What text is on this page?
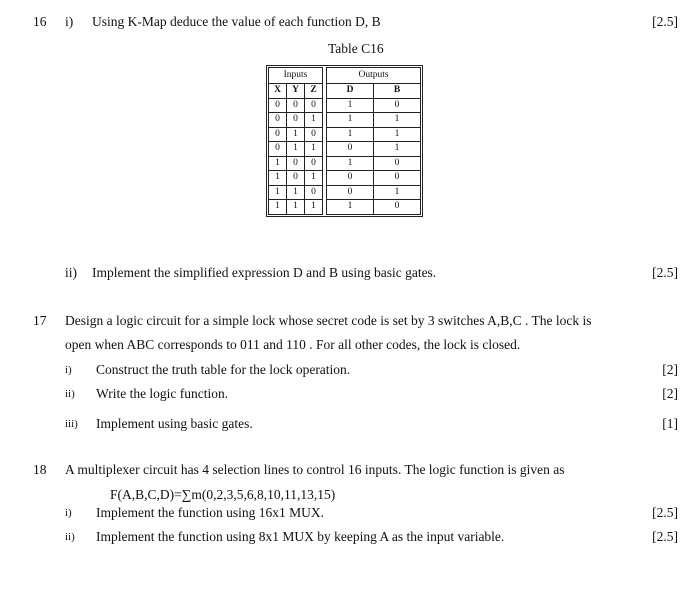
16 i) Using K-Map deduce the value of each function D, B	[2.5]
Table C16
Inputs				Outputs	
X	Y	Z		D	B
0	0	0		1	0
0	0	1		1	1
0	1	0		1	1
0	1	1		0	1
1	0	0		1	0
1	0	1		0	0
1	1	0		0	1
1	1	1		1	0
ii) Implement the simplified expression D and B using basic gates.	[2.5]
17 Design a logic circuit for a simple lock whose secret code is set by 3 switches A,B,C . The lock is
open when ABC corresponds to 011 and 110 . For all other codes, the lock is closed.
i) Construct the truth table for the lock operation.	[2]
ii) Write the logic function.	[2]
iii) Implement using basic gates.	[1]
18 A multiplexer circuit has 4 selection lines to control 16 inputs. The logic function is given as
F(A,B,C,D)=∑m(0,2,3,5,6,8,10,11,13,15)
i) Implement the function using 16x1 MUX.	[2.5]
ii) Implement the function using 8x1 MUX by keeping A as the input variable.	[2.5]
